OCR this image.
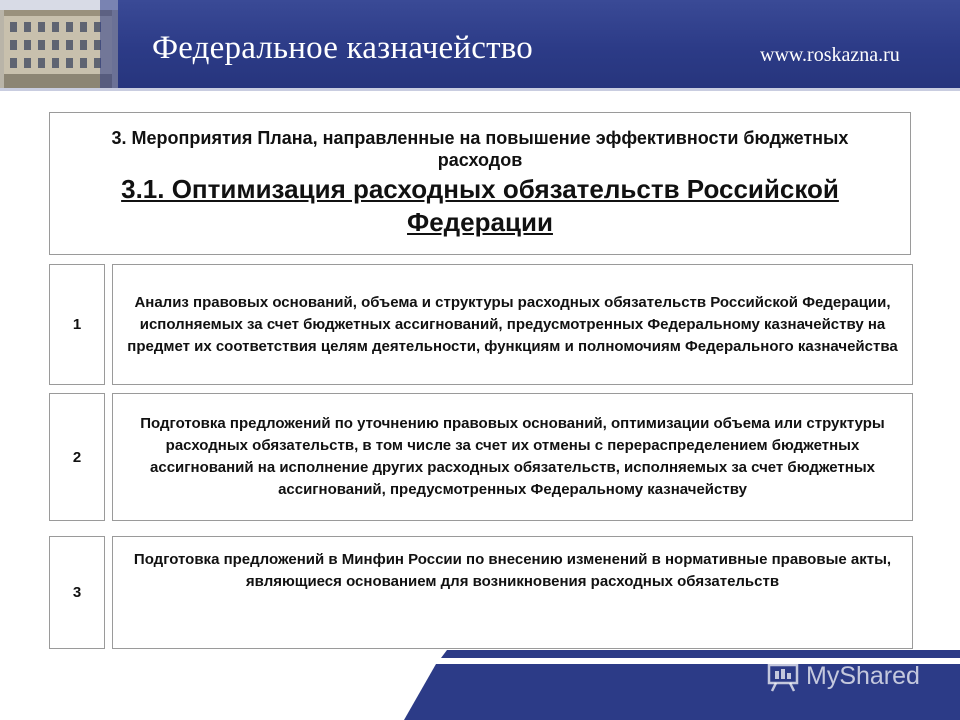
Федеральное казначейство	www.roskazna.ru
3. Мероприятия Плана, направленные на повышение эффективности бюджетных расходов
3.1. Оптимизация расходных обязательств Российской Федерации
1
Анализ правовых оснований, объема и структуры расходных обязательств Российской Федерации, исполняемых за счет бюджетных ассигнований, предусмотренных Федеральному казначейству на предмет их соответствия целям деятельности, функциям и полномочиям Федерального казначейства
2
Подготовка предложений по уточнению правовых оснований, оптимизации объема или структуры расходных обязательств, в том числе за счет их отмены с перераспределением бюджетных ассигнований на исполнение других расходных обязательств, исполняемых за счет бюджетных ассигнований, предусмотренных Федеральному казначейству
3
Подготовка предложений в Минфин России по внесению изменений в нормативные правовые акты, являющиеся основанием для возникновения расходных обязательств
MyShared
